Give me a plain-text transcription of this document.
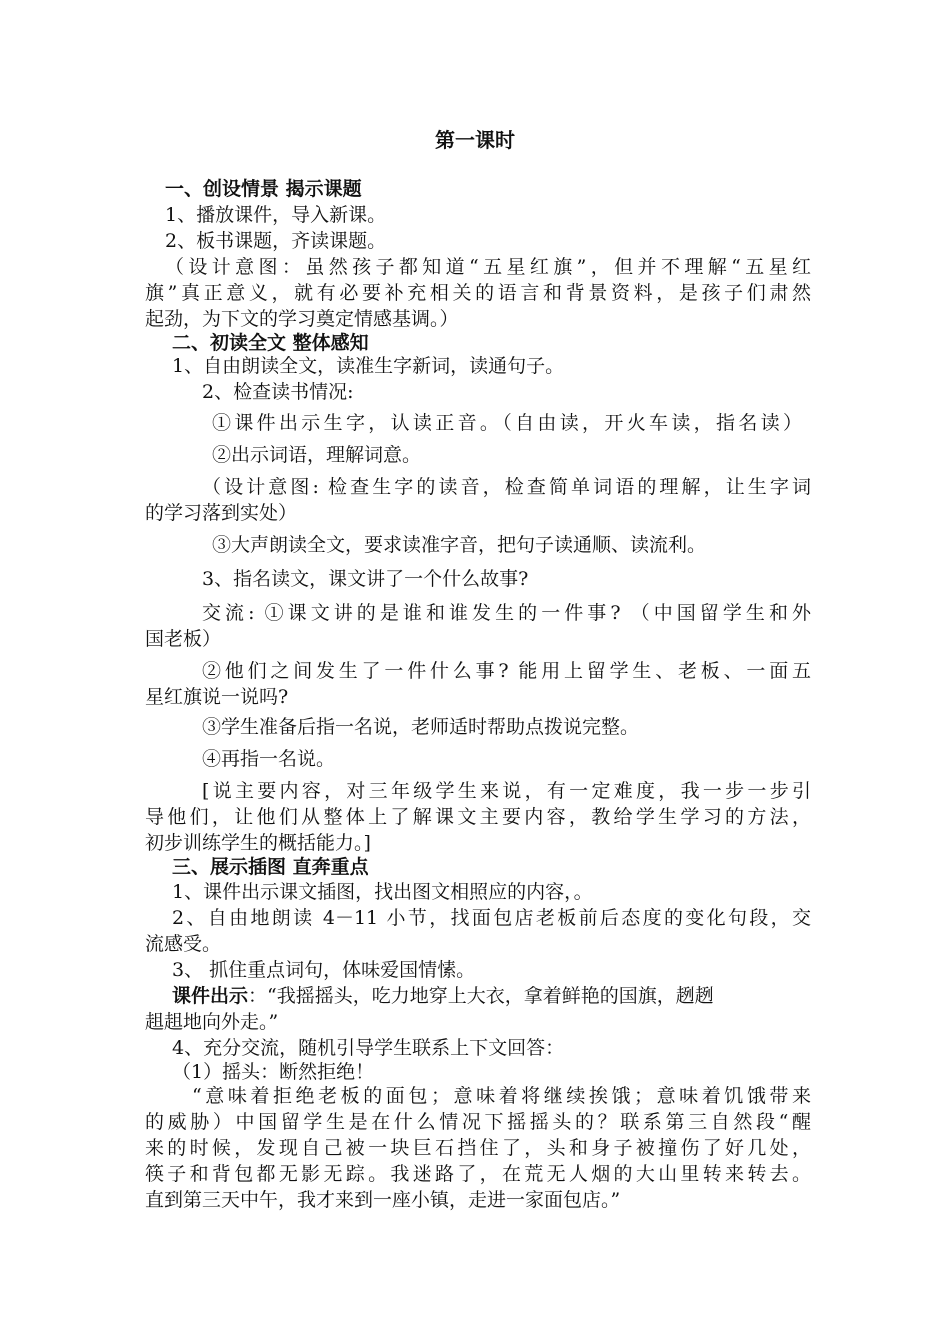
第一课时
一、创设情景 揭示课题
1、播放课件，导入新课。
2、板书课题，齐读课题。
（设计意图：虽然孩子都知道“五星红旗”，但并不理解“五星红
旗”真正意义，就有必要补充相关的语言和背景资料，是孩子们肃然
起劲，为下文的学习奠定情感基调。）
二、初读全文 整体感知
1、自由朗读全文，读准生字新词，读通句子。
2、检查读书情况:
①课件出示生字，认读正音。（自由读，开火车读，指名读）
②出示词语，理解词意。
（设计意图: 检查生字的读音，检查简单词语的理解，让生字词
的学习落到实处）
③大声朗读全文，要求读准字音，把句子读通顺、读流利。
3、指名读文，课文讲了一个什么故事?
交流: ①课文讲的是谁和谁发生的一件事? （中国留学生和外
国老板）
②他们之间发生了一件什么事? 能用上留学生、老板、一面五
星红旗说一说吗?
③学生准备后指一名说，老师适时帮助点拨说完整。
④再指一名说。
[说主要内容，对三年级学生来说，有一定难度，我一步一步引
导他们，让他们从整体上了解课文主要内容，教给学生学习的方法，
初步训练学生的概括能力。]
三、展示插图 直奔重点
1、课件出示课文插图，找出图文相照应的内容，。
2、自由地朗读 4－11 小节，找面包店老板前后态度的变化句段，交
流感受。
3、 抓住重点词句，体味爱国情愫。
课件出示：“我摇摇头，吃力地穿上大衣，拿着鲜艳的国旗，趔趔
趄趄地向外走。”
4、充分交流，随机引导学生联系上下文回答：
（1）摇头：断然拒绝！
“意味着拒绝老板的面包；意味着将继续挨饿；意味着饥饿带来
的威胁）中国留学生是在什么情况下摇摇头的？联系第三自然段“醒
来的时候，发现自己被一块巨石挡住了，头和身子被撞伤了好几处，
筷子和背包都无影无踪。我迷路了，在荒无人烟的大山里转来转去。
直到第三天中午，我才来到一座小镇，走进一家面包店。”
